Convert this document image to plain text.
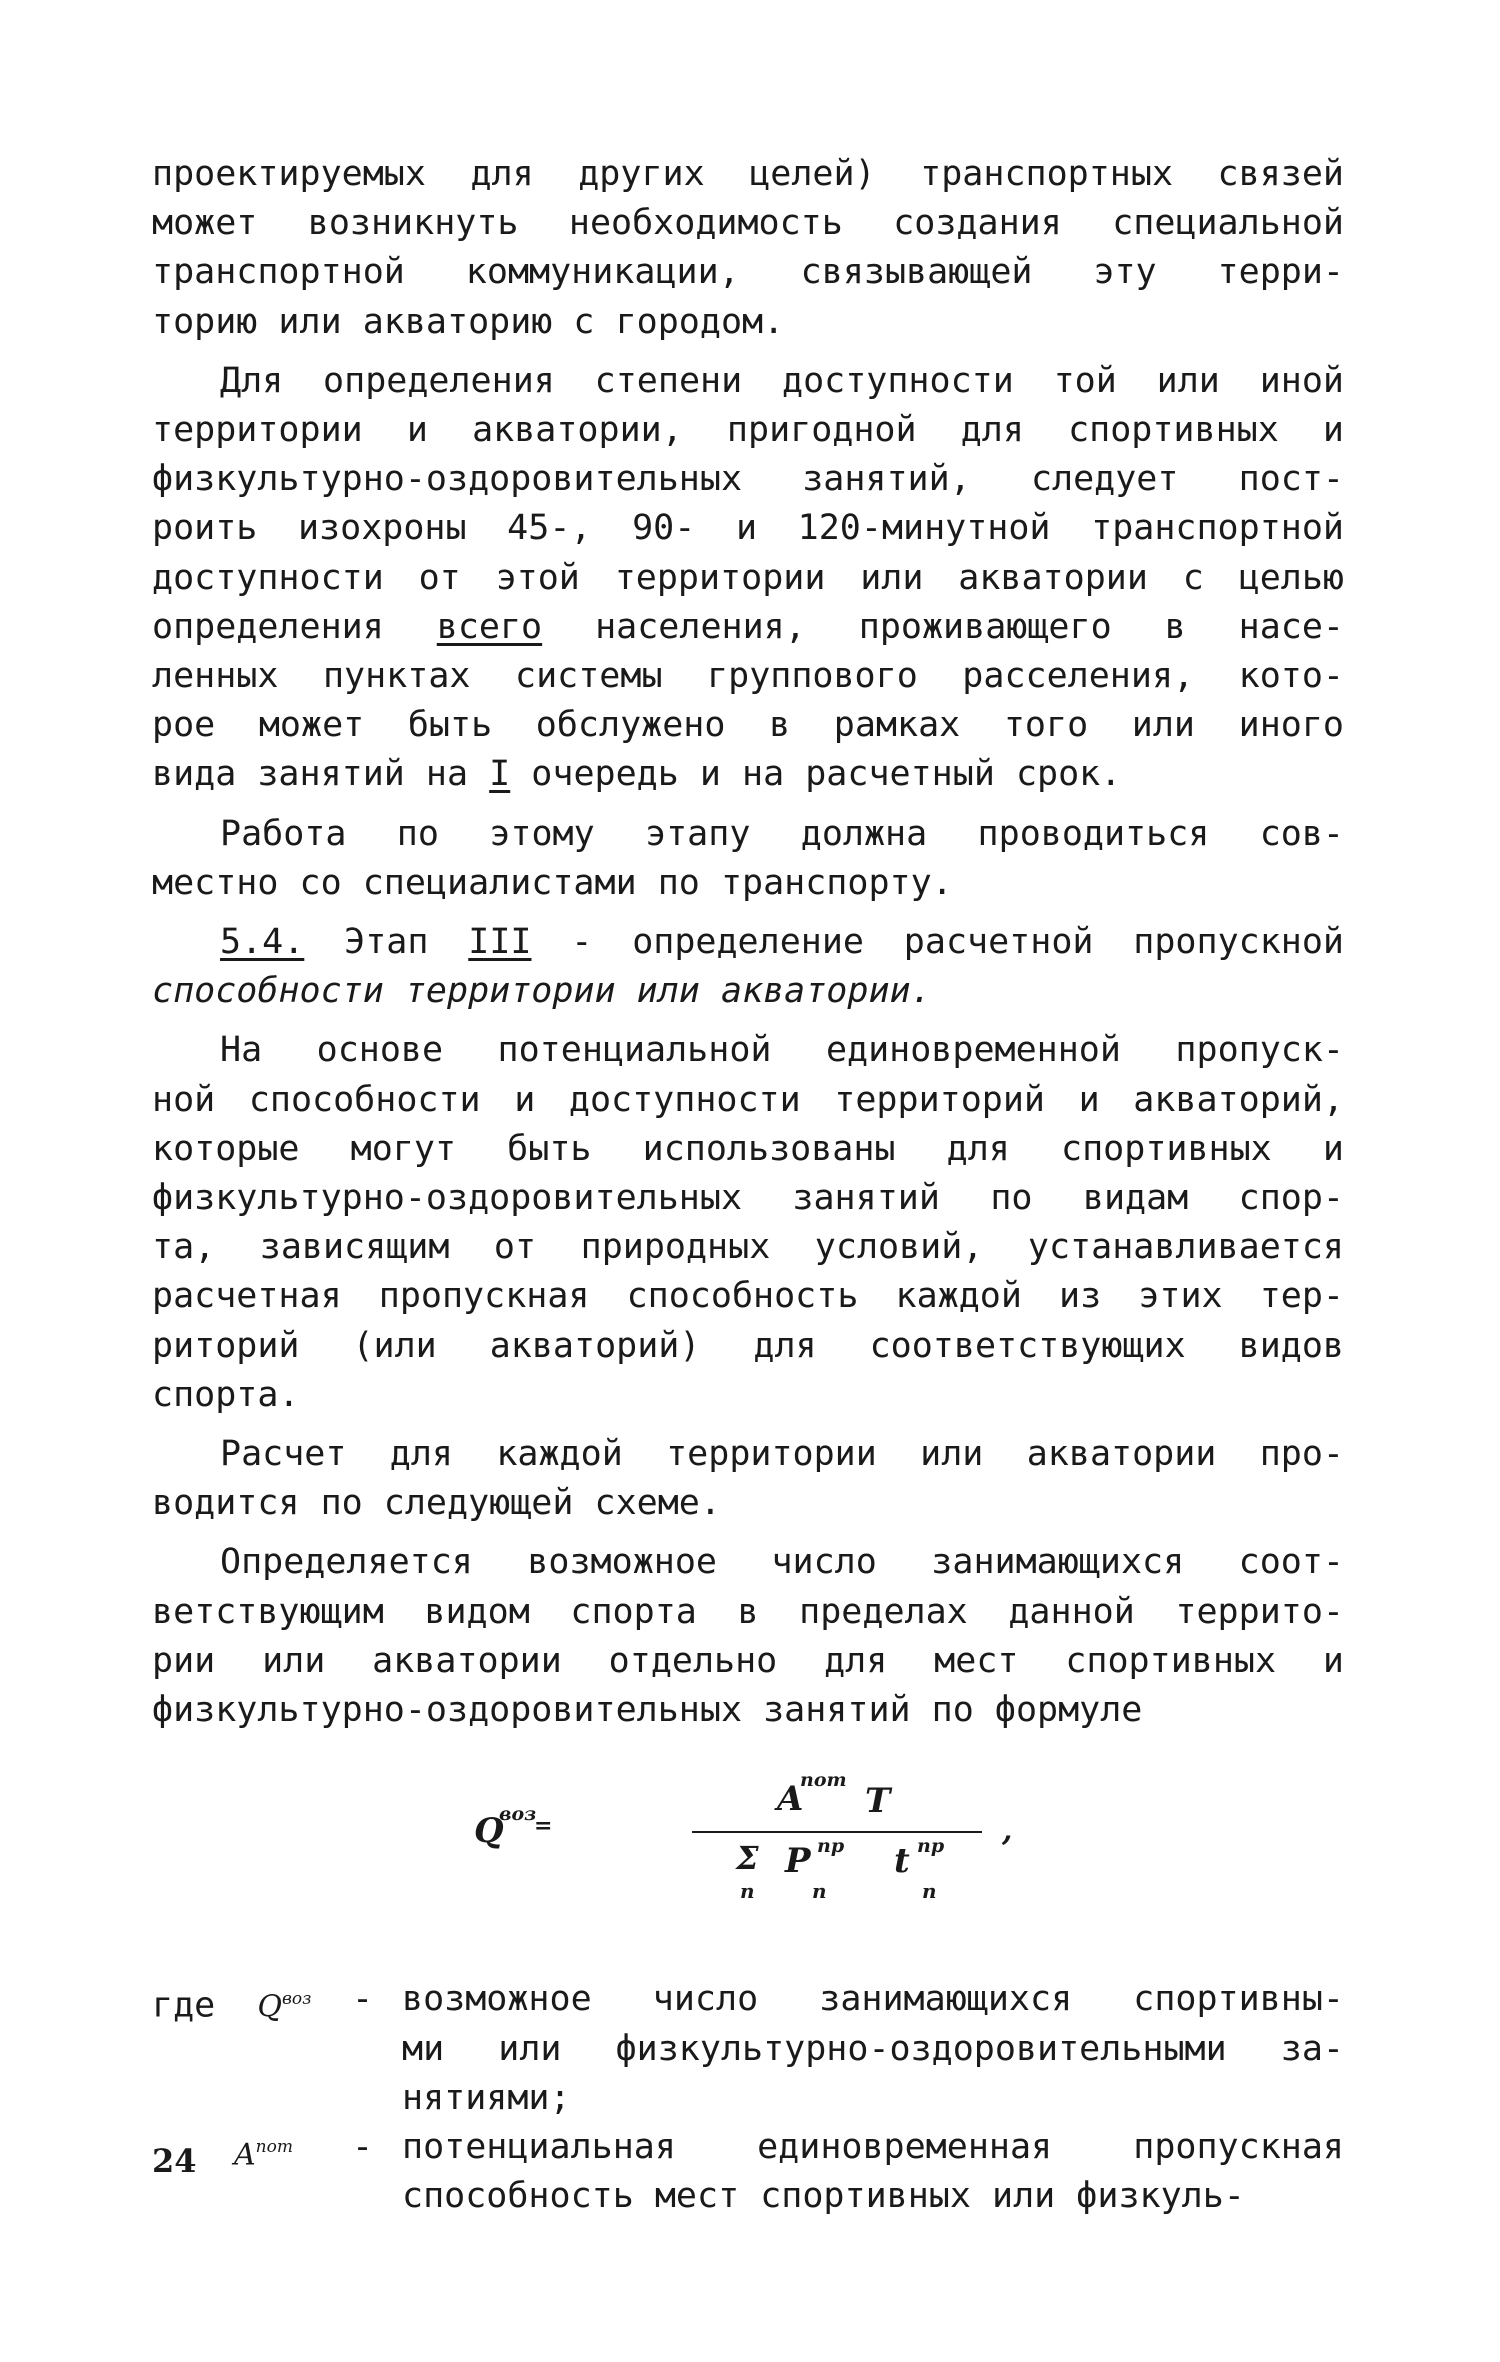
проектируемых для других целей) транспортных связей

может возникнуть необходимость создания специальной

транспортной коммуникации, связывающей эту терри-

торию или акваторию с городом.

Для определения степени доступности той или иной

территории и акватории, пригодной для спортивных и

физкультурно-оздоровительных занятий, следует пост-

роить изохроны 45-, 90- и 120-минутной транспортной

доступности от этой территории или акватории с целью

определения всего населения, проживающего в насе-

ленных пунктах системы группового расселения, кото-

рое может быть обслужено в рамках того или иного

вида занятий на I очередь и на расчетный срок.

Работа по этому этапу должна проводиться сов-

местно со специалистами по транспорту.

5.4. Этап III - определение расчетной пропускной

способности территории или акватории.

На основе потенциальной единовременной пропуск-

ной способности и доступности территорий и акваторий,

которые могут быть использованы для спортивных и

физкультурно-оздоровительных занятий по видам спор-

та, зависящим от природных условий, устанавливается

расчетная пропускная способность каждой из этих тер-

риторий (или акваторий) для соответствующих видов

спорта.

Расчет для каждой территории или акватории про-

водится по следующей схеме.

Определяется возможное число занимающихся соот-

ветствующим видом спорта в пределах данной террито-

рии или акватории отдельно для мест спортивных и

физкультурно-оздоровительных занятий по формуле

Q
воз
=
A
пот
T
Σ
n
P пр
n
t пр
n
,

где $Q^{воз}$	- возможное число занимающихся спортивны-

ми или физкультурно-оздоровительными за-

нятиями;

$A^{пот}$	- потенциальная единовременная пропускная

способность мест спортивных или физкуль-

24
